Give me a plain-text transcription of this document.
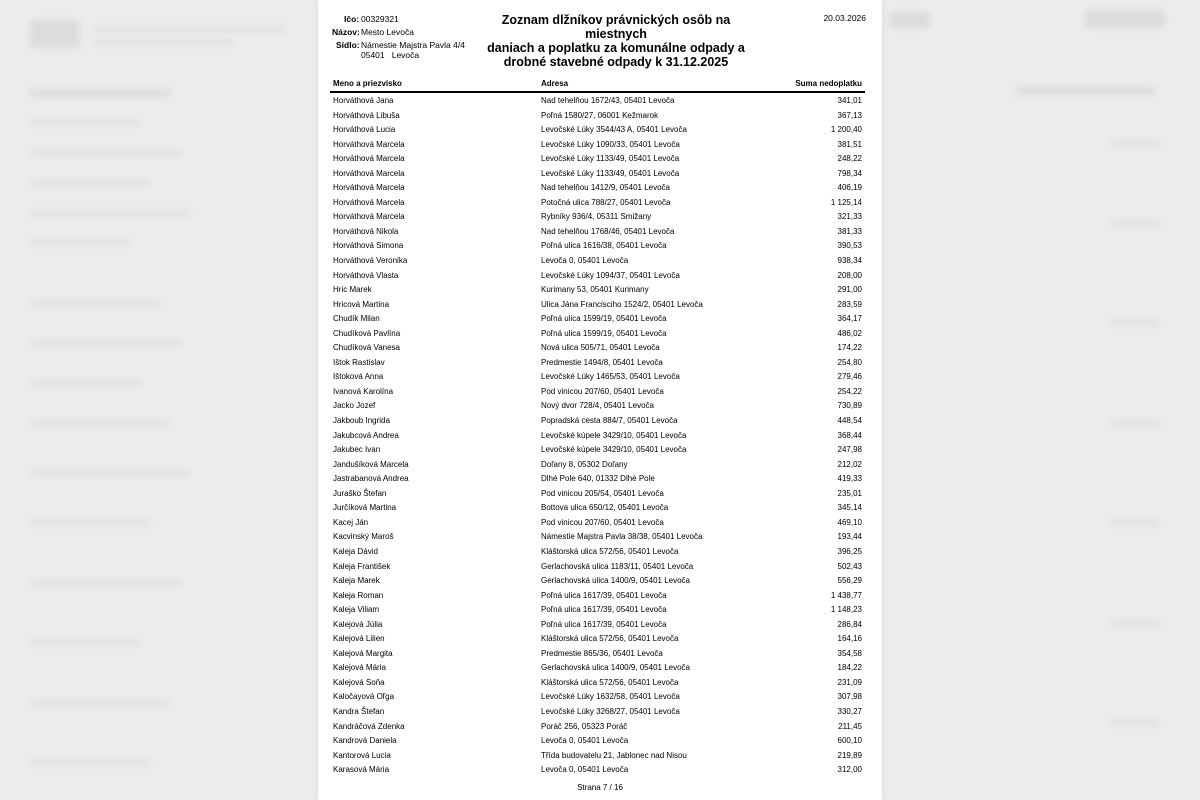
Ičo: 00329321
Názov: Mesto Levoča
Sídlo: Námestie Majstra Pavla 4/4
05401   Levoča
Zoznam dlžníkov právnických osôb na miestnych
daniach a poplatku za komunálne odpady a
drobné stavebné odpady k 31.12.2025
20.03.2026
Meno a priezvisko	Adresa	Suma nedoplatku
Horváthová Jana	Nad tehelňou 1672/43, 05401 Levoča	341,01
Horváthová Libuša	Poľná 1580/27, 06001 Kežmarok	367,13
Horváthová Lucia	Levočské Lúky 3544/43 A, 05401 Levoča	1 200,40
Horváthová Marcela	Levočské Lúky 1090/33, 05401 Levoča	381,51
Horváthová Marcela	Levočské Lúky 1133/49, 05401 Levoča	248,22
Horváthová Marcela	Levočské Lúky 1133/49, 05401 Levoča	798,34
Horváthová Marcela	Nad tehelňou 1412/9, 05401 Levoča	406,19
Horváthová Marcela	Potočná ulica 788/27, 05401 Levoča	1 125,14
Horváthová Marcela	Rybníky 936/4, 05311 Smižany	321,33
Horváthová Nikola	Nad tehelňou 1768/46, 05401 Levoča	381,33
Horváthová Simona	Poľná ulica 1616/38, 05401 Levoča	390,53
Horváthová Veronika	Levoča 0, 05401 Levoča	938,34
Horváthová Vlasta	Levočské Lúky 1094/37, 05401 Levoča	208,00
Hric Marek	Kurimany 53, 05401 Kurimany	291,00
Hricová Martina	Ulica Jána Francisciho 1524/2, 05401 Levoča	283,59
Chudík Milan	Poľná ulica 1599/19, 05401 Levoča	364,17
Chudíková Pavlína	Poľná ulica 1599/19, 05401 Levoča	486,02
Chudíková Vanesa	Nová ulica 505/71, 05401 Levoča	174,22
Ištok Rastislav	Predmestie 1494/8, 05401 Levoča	254,80
Ištoková Anna	Levočské Lúky 1465/53, 05401 Levoča	279,46
Ivanová Karolína	Pod vinicou 207/60, 05401 Levoča	254,22
Jacko Jozef	Nový dvor 728/4, 05401 Levoča	730,89
Jakboub Ingrida	Popradská cesta 884/7, 05401 Levoča	448,54
Jakubcová Andrea	Levočské kúpele 3429/10, 05401 Levoča	368,44
Jakubec Ivan	Levočské kúpele 3429/10, 05401 Levoča	247,98
Jandušíková Marcela	Doľany 8, 05302 Doľany	212,02
Jastrabanová Andrea	Dlhé Pole 640, 01332 Dlhé Pole	419,33
Juraško Štefan	Pod vinicou 205/54, 05401 Levoča	235,01
Jurčíková Martina	Bottova ulica 650/12, 05401 Levoča	345,14
Kacej Ján	Pod vinicou 207/60, 05401 Levoča	469,10
Kacvinský Maroš	Námestie Majstra Pavla 38/38, 05401 Levoča	193,44
Kaleja Dávid	Kláštorská ulica 572/56, 05401 Levoča	396,25
Kaleja František	Gerlachovská ulica 1183/11, 05401 Levoča	502,43
Kaleja Marek	Gerlachovská ulica 1400/9, 05401 Levoča	556,29
Kaleja Roman	Poľná ulica 1617/39, 05401 Levoča	1 438,77
Kaleja Viliam	Poľná ulica 1617/39, 05401 Levoča	1 148,23
Kalejová Júlia	Poľná ulica 1617/39, 05401 Levoča	286,84
Kalejová Lilien	Kláštorská ulica 572/56, 05401 Levoča	164,16
Kalejová Margita	Predmestie 865/36, 05401 Levoča	354,58
Kalejová Mária	Gerlachovská ulica 1400/9, 05401 Levoča	184,22
Kalejová Soňa	Kláštorská ulica 572/56, 05401 Levoča	231,09
Kaločayová Oľga	Levočské Lúky 1632/58, 05401 Levoča	307,98
Kandra Štefan	Levočské Lúky 3268/27, 05401 Levoča	330,27
Kandráčová Zdenka	Poráč 256, 05323 Poráč	211,45
Kandrová Daniela	Levoča 0, 05401 Levoča	600,10
Kantorová Lucia	Třída budovatelu 21, Jablonec nad Nisou	219,89
Karasová Mária	Levoča 0, 05401 Levoča	312,00
Strana 7 / 16
